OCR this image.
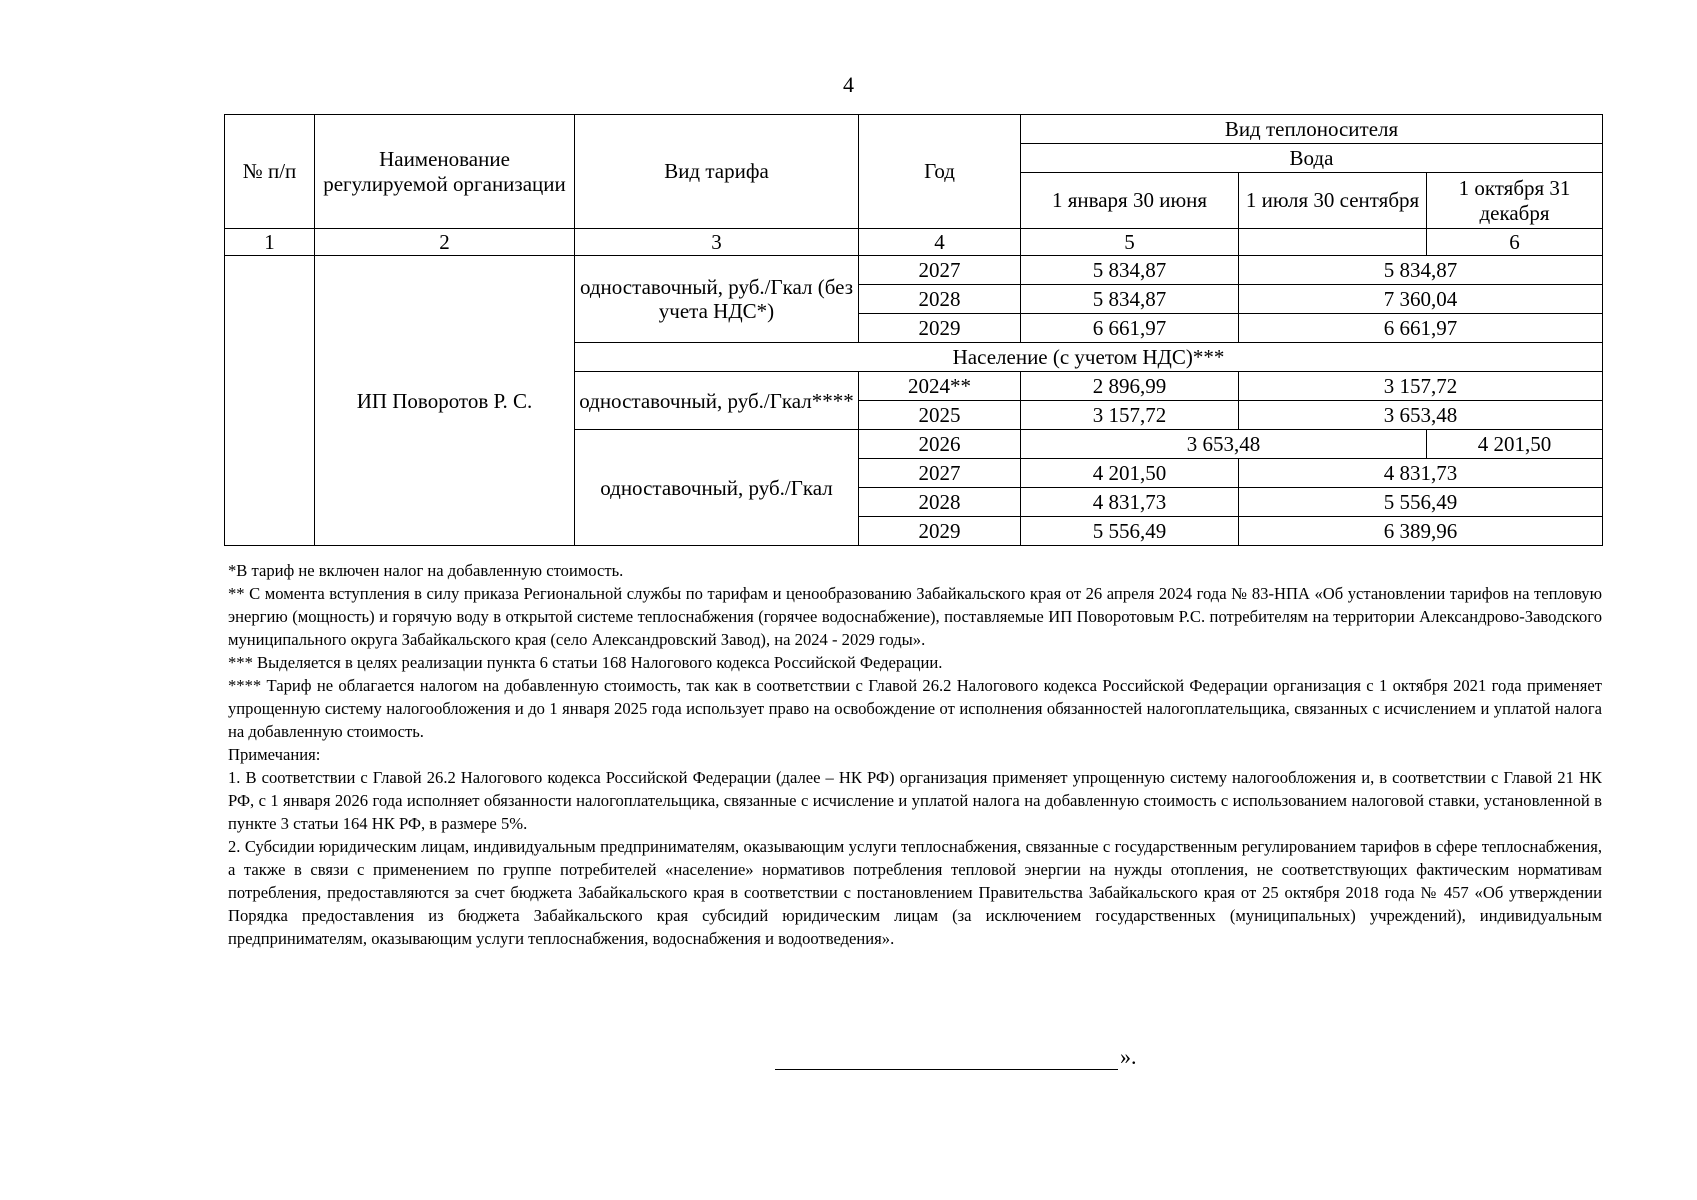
4
№ п/п	Наименование регулируемой организации	Вид тарифа	Год	Вид теплоносителя		
				Вода		
				1 января 30 июня	1 июля 30 сентября	1 октября 31 декабря
1	2	3	4	5		6
	ИП Поворотов Р. С.	одноставочный, руб./Гкал (без учета НДС*)	2027	5 834,87	5 834,87	
			2028	5 834,87	7 360,04	
			2029	6 661,97	6 661,97	
		Население (с учетом НДС)***				
		одноставочный, руб./Гкал****	2024**	2 896,99	3 157,72	
			2025	3 157,72	3 653,48	
		одноставочный, руб./Гкал	2026	3 653,48		4 201,50
			2027	4 201,50	4 831,73	
			2028	4 831,73	5 556,49	
			2029	5 556,49	6 389,96	

*В тариф не включен налог на добавленную стоимость.

** С момента вступления в силу приказа Региональной службы по тарифам и ценообразованию Забайкальского края от 26 апреля 2024 года № 83-НПА «Об установлении тарифов на тепловую энергию (мощность) и горячую воду в открытой системе теплоснабжения (горячее водоснабжение), поставляемые ИП Поворотовым Р.С. потребителям на территории Александрово-Заводского муниципального округа Забайкальского края (село Александровский Завод), на 2024 - 2029 годы».

*** Выделяется в целях реализации пункта 6 статьи 168 Налогового кодекса Российской Федерации.

**** Тариф не облагается налогом на добавленную стоимость, так как в соответствии с Главой 26.2 Налогового кодекса Российской Федерации организация с 1 октября 2021 года применяет упрощенную систему налогообложения и до 1 января 2025 года использует право на освобождение от исполнения обязанностей налогоплательщика, связанных с исчислением и уплатой налога на добавленную стоимость.

Примечания:

1. В соответствии с Главой 26.2 Налогового кодекса Российской Федерации (далее – НК РФ) организация применяет упрощенную систему налогообложения и, в соответствии с Главой 21 НК РФ, с 1 января 2026 года исполняет обязанности налогоплательщика, связанные с исчисление и уплатой налога на добавленную стоимость с использованием налоговой ставки, установленной в пункте 3 статьи 164 НК РФ, в размере 5%.

2. Субсидии юридическим лицам, индивидуальным предпринимателям, оказывающим услуги теплоснабжения, связанные с государственным регулированием тарифов в сфере теплоснабжения, а также в связи с применением по группе потребителей «население» нормативов потребления тепловой энергии на нужды отопления, не соответствующих фактическим нормативам потребления, предоставляются за счет бюджета Забайкальского края в соответствии с постановлением Правительства Забайкальского края от 25 октября 2018 года № 457 «Об утверждении Порядка предоставления из бюджета Забайкальского края субсидий юридическим лицам (за исключением государственных (муниципальных) учреждений), индивидуальным предпринимателям, оказывающим услуги теплоснабжения, водоснабжения и водоотведения».

».
